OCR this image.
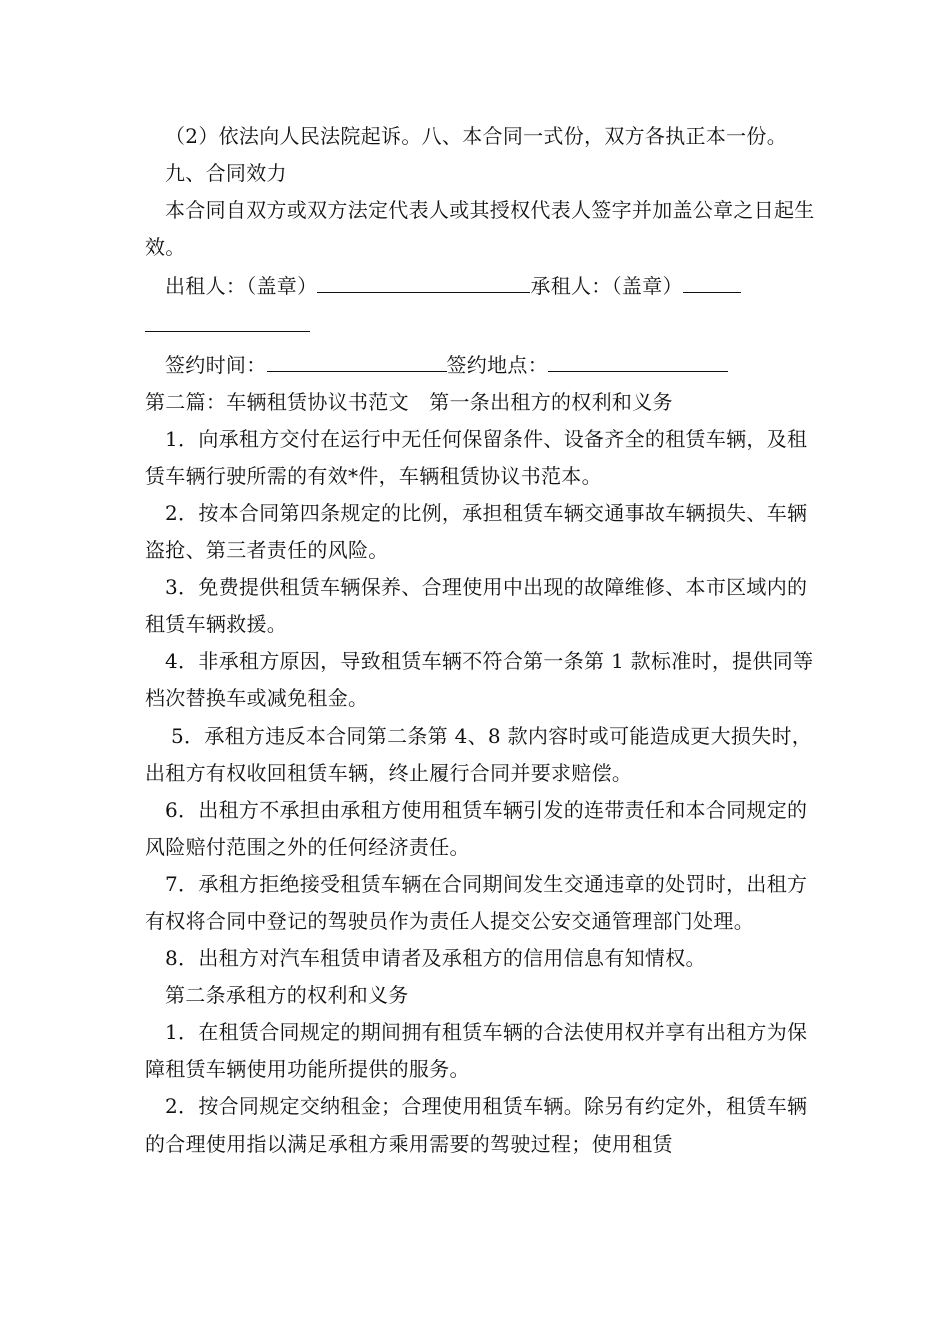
（2）依法向人民法院起诉。八、本合同一式份，双方各执正本一份。

九、合同效力

本合同自双方或双方法定代表人或其授权代表人签字并加盖公章之日起生效。

出租人：（盖章）	承租人：（盖章）

签约时间：	签约地点：

第二篇：车辆租赁协议书范文　第一条出租方的权利和义务

1．向承租方交付在运行中无任何保留条件、设备齐全的租赁车辆，及租赁车辆行驶所需的有效*件，车辆租赁协议书范本。

2．按本合同第四条规定的比例，承担租赁车辆交通事故车辆损失、车辆盗抢、第三者责任的风险。

3．免费提供租赁车辆保养、合理使用中出现的故障维修、本市区域内的租赁车辆救援。

4．非承租方原因，导致租赁车辆不符合第一条第 1 款标准时，提供同等档次替换车或减免租金。

5．承租方违反本合同第二条第 4、8 款内容时或可能造成更大损失时，出租方有权收回租赁车辆，终止履行合同并要求赔偿。

6．出租方不承担由承租方使用租赁车辆引发的连带责任和本合同规定的风险赔付范围之外的任何经济责任。

7．承租方拒绝接受租赁车辆在合同期间发生交通违章的处罚时，出租方有权将合同中登记的驾驶员作为责任人提交公安交通管理部门处理。

8．出租方对汽车租赁申请者及承租方的信用信息有知情权。

第二条承租方的权利和义务

1．在租赁合同规定的期间拥有租赁车辆的合法使用权并享有出租方为保障租赁车辆使用功能所提供的服务。

2．按合同规定交纳租金；合理使用租赁车辆。除另有约定外，租赁车辆的合理使用指以满足承租方乘用需要的驾驶过程；使用租赁
